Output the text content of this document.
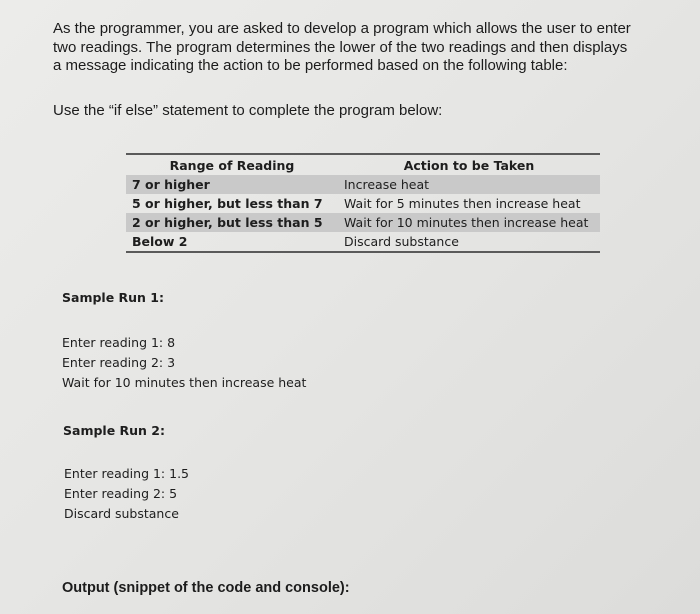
As the programmer, you are asked to develop a program which allows the user to enter
two readings. The program determines the lower of the two readings and then displays
a message indicating the action to be performed based on the following table:
Use the “if else” statement to complete the program below:
Range of Reading	Action to be Taken
7 or higher	Increase heat
5 or higher, but less than 7	Wait for 5 minutes then increase heat
2 or higher, but less than 5	Wait for 10 minutes then increase heat
Below 2	Discard substance
Sample Run 1:
Enter reading 1: 8
Enter reading 2: 3
Wait for 10 minutes then increase heat
Sample Run 2:
Enter reading 1: 1.5
Enter reading 2: 5
Discard substance
Output (snippet of the code and console):
